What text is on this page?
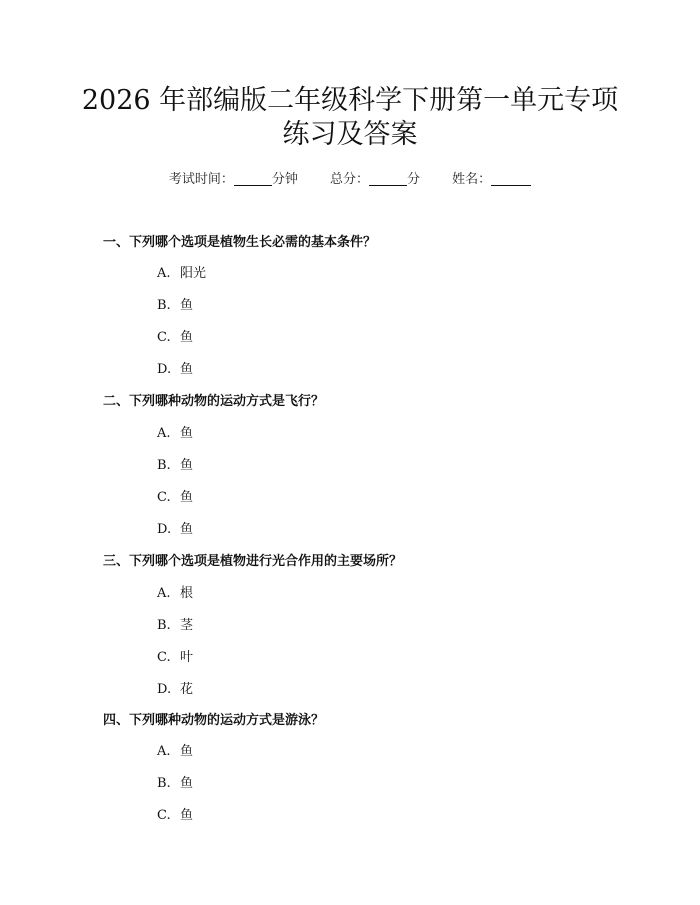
2026 年部编版二年级科学下册第一单元专项
练习及答案
考试时间：	分钟 总分：	分 姓名：
一、下列哪个选项是植物生长必需的基本条件？
A. 阳光
B. 鱼
C. 鱼
D. 鱼
二、下列哪种动物的运动方式是飞行？
A. 鱼
B. 鱼
C. 鱼
D. 鱼
三、下列哪个选项是植物进行光合作用的主要场所？
A. 根
B. 茎
C. 叶
D. 花
四、下列哪种动物的运动方式是游泳？
A. 鱼
B. 鱼
C. 鱼
